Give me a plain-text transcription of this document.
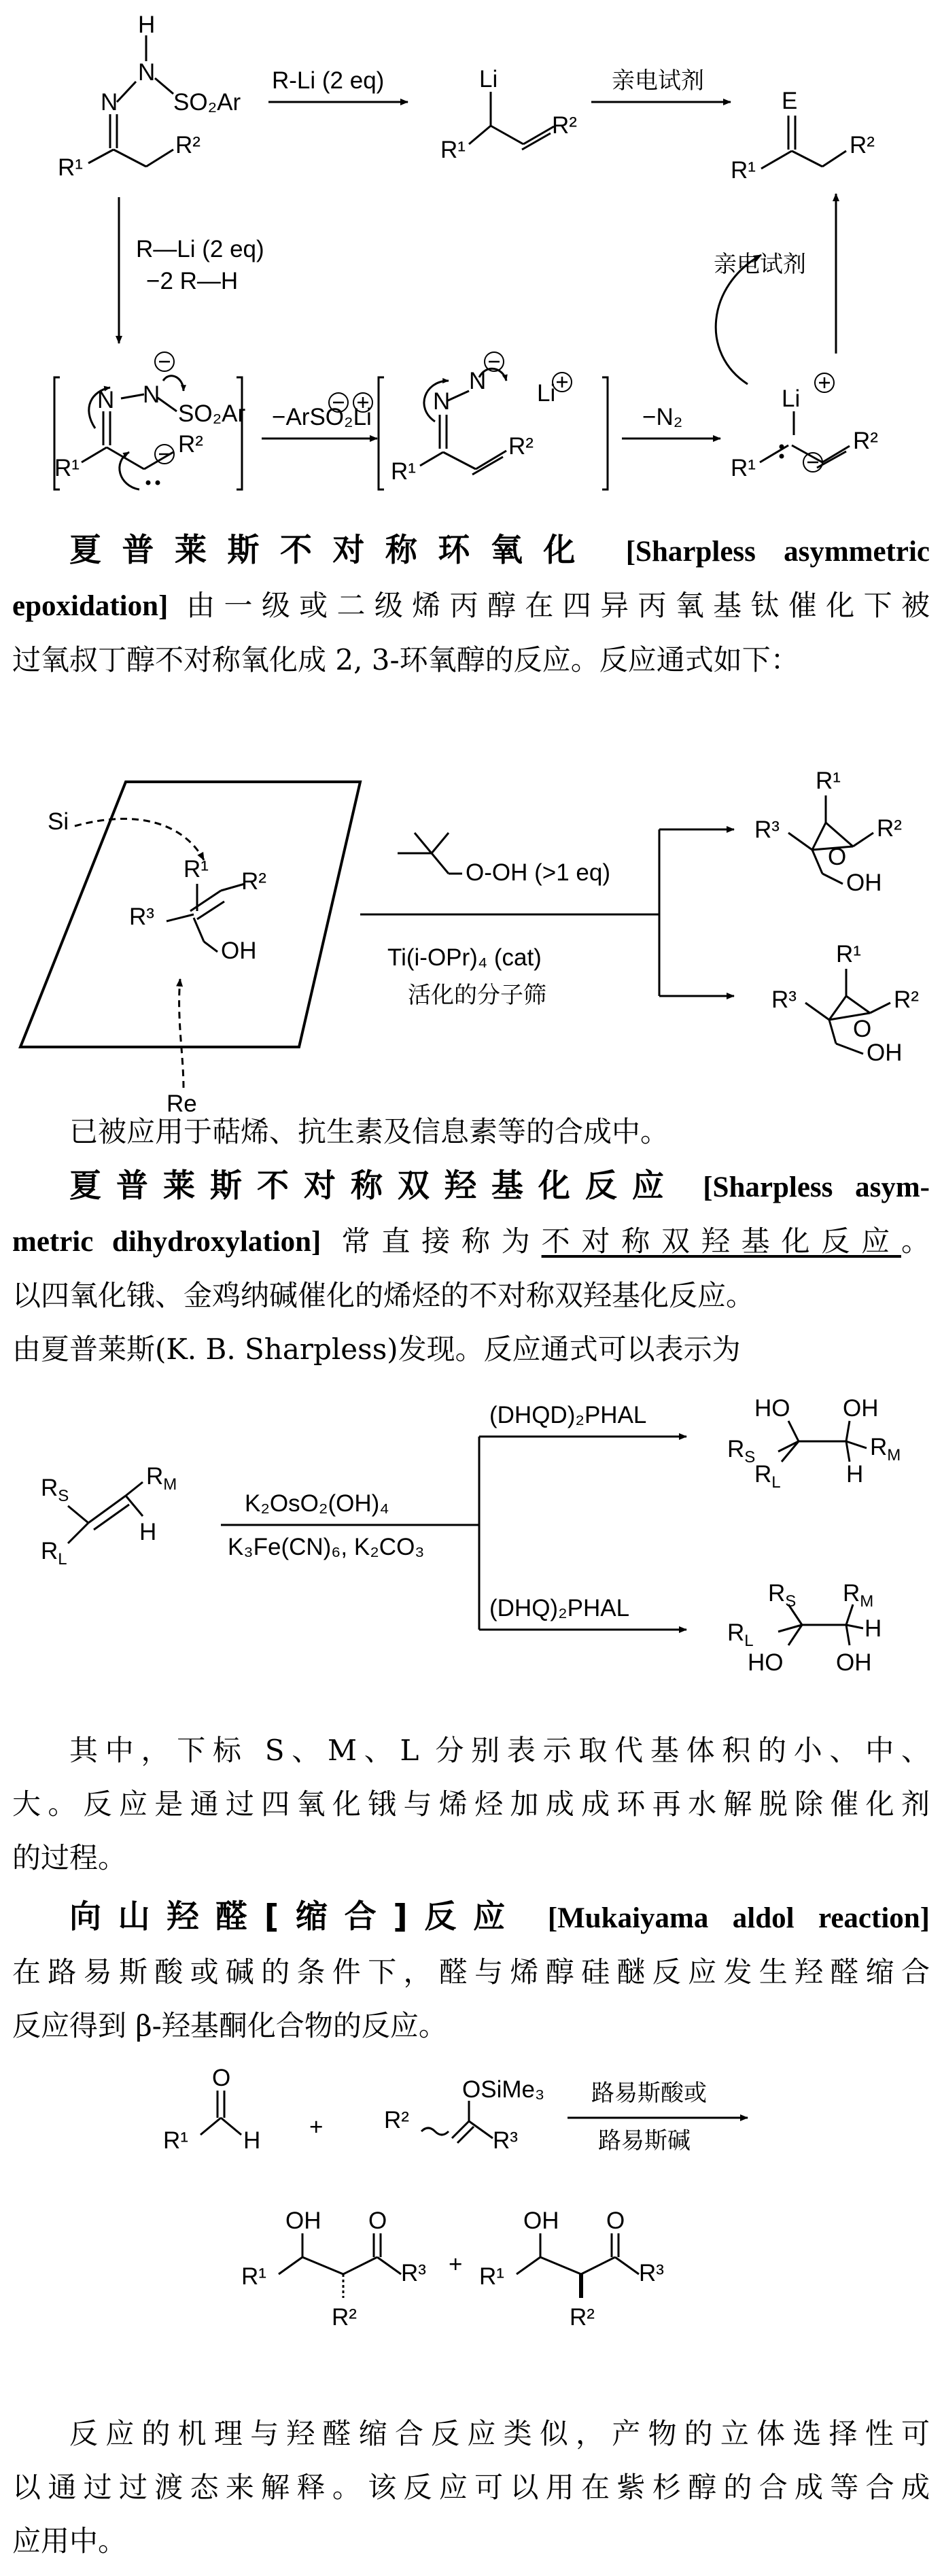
H
N
N SO₂Ar
R¹
R²
R-Li (2 eq)	Li
R¹
R²
亲电试剂
E
R¹
R²
R—Li (2 eq)
−2 R—H
亲电试剂
N
N
SO₂Ar
R¹
R²
−ArSO₂Li
N
N	Li
R¹
R²
−N₂
Li
R¹
R²

夏普莱斯不对称环氧化 [Sharpless asymmetric

epoxidation] 由一级或二级烯丙醇在四异丙氧基钛催化下被

过氧叔丁醇不对称氧化成 2, 3-环氧醇的反应。反应通式如下：

Si
R¹ R²
R³
OH
Re
O-OH (>1 eq)
Ti(i-OPr)₄ (cat)
活化的分子筛
R¹
R²
R³
O
OH
R¹
R²
R³
O
OH

已被应用于萜烯、抗生素及信息素等的合成中。

夏普莱斯不对称双羟基化反应 [Sharpless asym-

metric dihydroxylation] 常直接称为不对称双羟基化反应。

以四氧化锇、金鸡纳碱催化的烯烃的不对称双羟基化反应。

由夏普莱斯(K. B. Sharpless)发现。反应通式可以表示为

$R_S$
$R_M$
$R_L$
H
K₂OsO₂(OH)₄
K₃Fe(CN)₆, K₂CO₃
(DHQD)₂PHAL
(DHQ)₂PHAL
HO OH
$R_S$	$R_M$
$R_L$	H
$R_S$ $R_M$
$R_L$	H
HO OH

其中，下标 S、M、L 分别表示取代基体积的小、中、

大。反应是通过四氧化锇与烯烃加成成环再水解脱除催化剂

的过程。

向山羟醛[缩合]反应 [Mukaiyama aldol reaction]

在路易斯酸或碱的条件下，醛与烯醇硅醚反应发生羟醛缩合

反应得到 β-羟基酮化合物的反应。

O
R¹ H
+
OSiMe₃
R²
R³
路易斯酸或
路易斯碱
OH O
R¹	R³
R²
+
OH O
R¹	R³
R²

反应的机理与羟醛缩合反应类似，产物的立体选择性可

以通过过渡态来解释。该反应可以用在紫杉醇的合成等合成

应用中。
